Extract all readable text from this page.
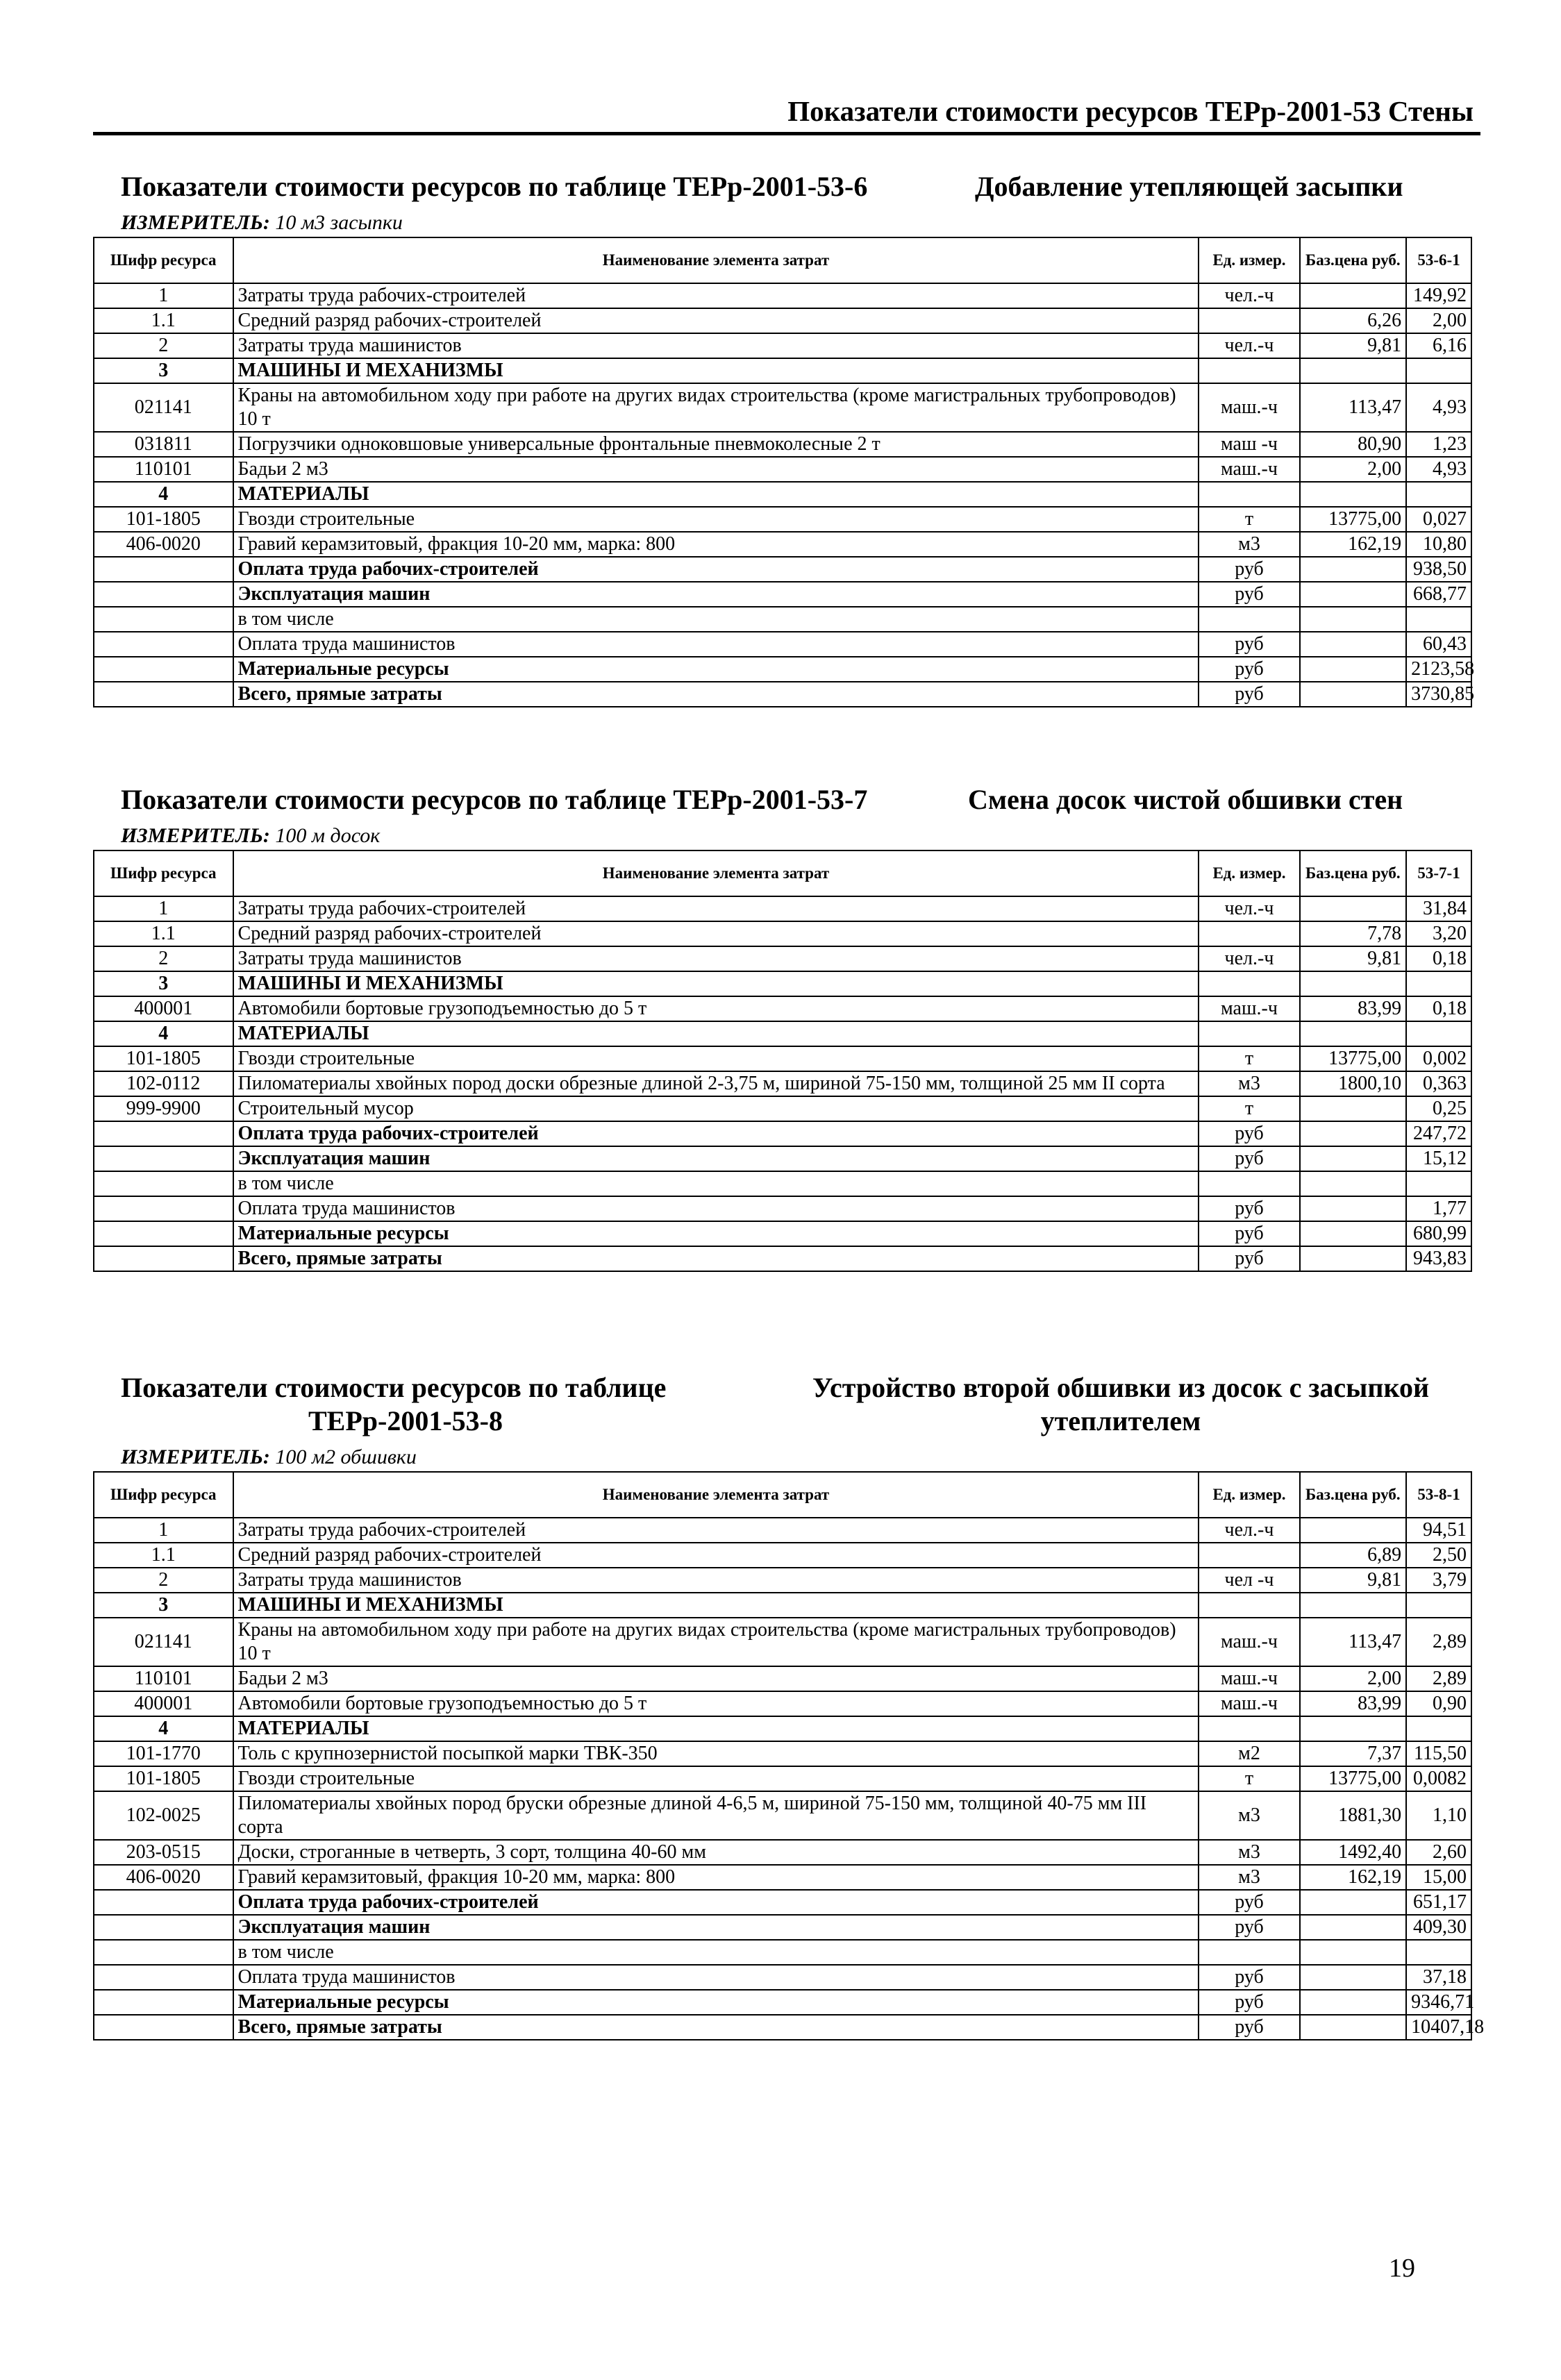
Показатели стоимости ресурсов ТЕРр-2001-53 Стены
Показатели стоимости ресурсов по таблице ТЕРр-2001-53-6	Добавление утепляющей засыпки
ИЗМЕРИТЕЛЬ: 10 м3 засыпки
Шифр ресурса	Наименование элемента затрат	Ед. измер.	Баз.цена руб.	53-6-1
1	Затраты труда рабочих-строителей	чел.-ч		149,92
1.1	Средний разряд рабочих-строителей		6,26	2,00
2	Затраты труда машинистов	чел.-ч	9,81	6,16
3	МАШИНЫ И МЕХАНИЗМЫ			
021141	Краны на автомобильном ходу при работе на других видах строительства (кроме магистральных трубопроводов) 10 т	маш.-ч	113,47	4,93
031811	Погрузчики одноковшовые универсальные фронтальные пневмоколесные 2 т	маш -ч	80,90	1,23
110101	Бадьи 2 м3	маш.-ч	2,00	4,93
4	МАТЕРИАЛЫ			
101-1805	Гвозди строительные	т	13775,00	0,027
406-0020	Гравий керамзитовый, фракция 10-20 мм, марка: 800	м3	162,19	10,80
	Оплата труда рабочих-строителей	руб		938,50
	Эксплуатация машин	руб		668,77
	в том числе			
	Оплата труда машинистов	руб		60,43
	Материальные ресурсы	руб		2123,58
	Всего, прямые затраты	руб		3730,85
Показатели стоимости ресурсов по таблице ТЕРр-2001-53-7	Смена досок чистой обшивки стен
ИЗМЕРИТЕЛЬ: 100 м досок
Шифр ресурса	Наименование элемента затрат	Ед. измер.	Баз.цена руб.	53-7-1
1	Затраты труда рабочих-строителей	чел.-ч		31,84
1.1	Средний разряд рабочих-строителей		7,78	3,20
2	Затраты труда машинистов	чел.-ч	9,81	0,18
3	МАШИНЫ И МЕХАНИЗМЫ			
400001	Автомобили бортовые грузоподъемностью до 5 т	маш.-ч	83,99	0,18
4	МАТЕРИАЛЫ			
101-1805	Гвозди строительные	т	13775,00	0,002
102-0112	Пиломатериалы хвойных пород доски обрезные длиной 2-3,75 м, шириной 75-150 мм, толщиной 25 мм II сорта	м3	1800,10	0,363
999-9900	Строительный мусор	т		0,25
	Оплата труда рабочих-строителей	руб		247,72
	Эксплуатация машин	руб		15,12
	в том числе			
	Оплата труда машинистов	руб		1,77
	Материальные ресурсы	руб		680,99
	Всего, прямые затраты	руб		943,83
Показатели стоимости ресурсов по таблице
ТЕРр-2001-53-8
Устройство второй обшивки из досок с засыпкой
утеплителем
ИЗМЕРИТЕЛЬ: 100 м2 обшивки
Шифр ресурса	Наименование элемента затрат	Ед. измер.	Баз.цена руб.	53-8-1
1	Затраты труда рабочих-строителей	чел.-ч		94,51
1.1	Средний разряд рабочих-строителей		6,89	2,50
2	Затраты труда машинистов	чел -ч	9,81	3,79
3	МАШИНЫ И МЕХАНИЗМЫ			
021141	Краны на автомобильном ходу при работе на других видах строительства (кроме магистральных трубопроводов) 10 т	маш.-ч	113,47	2,89
110101	Бадьи 2 м3	маш.-ч	2,00	2,89
400001	Автомобили бортовые грузоподъемностью до 5 т	маш.-ч	83,99	0,90
4	МАТЕРИАЛЫ			
101-1770	Толь с крупнозернистой посыпкой марки ТВК-350	м2	7,37	115,50
101-1805	Гвозди строительные	т	13775,00	0,0082
102-0025	Пиломатериалы хвойных пород бруски обрезные длиной 4-6,5 м, шириной 75-150 мм, толщиной 40-75 мм III сорта	м3	1881,30	1,10
203-0515	Доски, строганные в четверть, 3 сорт, толщина 40-60 мм	м3	1492,40	2,60
406-0020	Гравий керамзитовый, фракция 10-20 мм, марка: 800	м3	162,19	15,00
	Оплата труда рабочих-строителей	руб		651,17
	Эксплуатация машин	руб		409,30
	в том числе			
	Оплата труда машинистов	руб		37,18
	Материальные ресурсы	руб		9346,71
	Всего, прямые затраты	руб		10407,18
19
